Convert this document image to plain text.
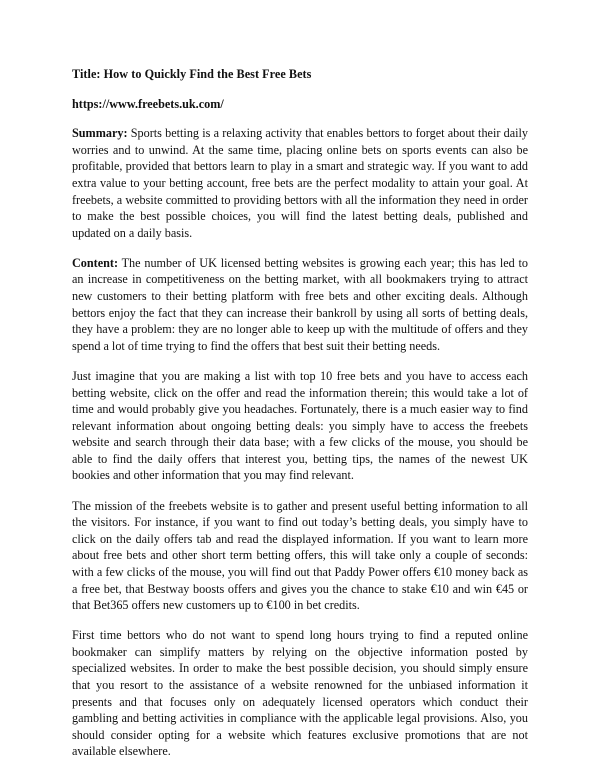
Title: How to Quickly Find the Best Free Bets
https://www.freebets.uk.com/

Summary: Sports betting is a relaxing activity that enables bettors to forget about their daily worries and to unwind. At the same time, placing online bets on sports events can also be profitable, provided that bettors learn to play in a smart and strategic way. If you want to add extra value to your betting account, free bets are the perfect modality to attain your goal. At freebets, a website committed to providing bettors with all the information they need in order to make the best possible choices, you will find the latest betting deals, published and updated on a daily basis.

Content: The number of UK licensed betting websites is growing each year; this has led to an increase in competitiveness on the betting market, with all bookmakers trying to attract new customers to their betting platform with free bets and other exciting deals. Although bettors enjoy the fact that they can increase their bankroll by using all sorts of betting deals, they have a problem: they are no longer able to keep up with the multitude of offers and they spend a lot of time trying to find the offers that best suit their betting needs.

Just imagine that you are making a list with top 10 free bets and you have to access each betting website, click on the offer and read the information therein; this would take a lot of time and would probably give you headaches. Fortunately, there is a much easier way to find relevant information about ongoing betting deals: you simply have to access the freebets website and search through their data base; with a few clicks of the mouse, you should be able to find the daily offers that interest you, betting tips, the names of the newest UK bookies and other information that you may find relevant.

The mission of the freebets website is to gather and present useful betting information to all the visitors. For instance, if you want to find out today’s betting deals, you simply have to click on the daily offers tab and read the displayed information. If you want to learn more about free bets and other short term betting offers, this will take only a couple of seconds: with a few clicks of the mouse, you will find out that Paddy Power offers €10 money back as a free bet, that Bestway boosts offers and gives you the chance to stake €10 and win €45 or that Bet365 offers new customers up to €100 in bet credits.

First time bettors who do not want to spend long hours trying to find a reputed online bookmaker can simplify matters by relying on the objective information posted by specialized websites. In order to make the best possible decision, you should simply ensure that you resort to the assistance of a website renowned for the unbiased information it presents and that focuses only on adequately licensed operators which conduct their gambling and betting activities in compliance with the applicable legal provisions. Also, you should consider opting for a website which features exclusive promotions that are not available elsewhere.
